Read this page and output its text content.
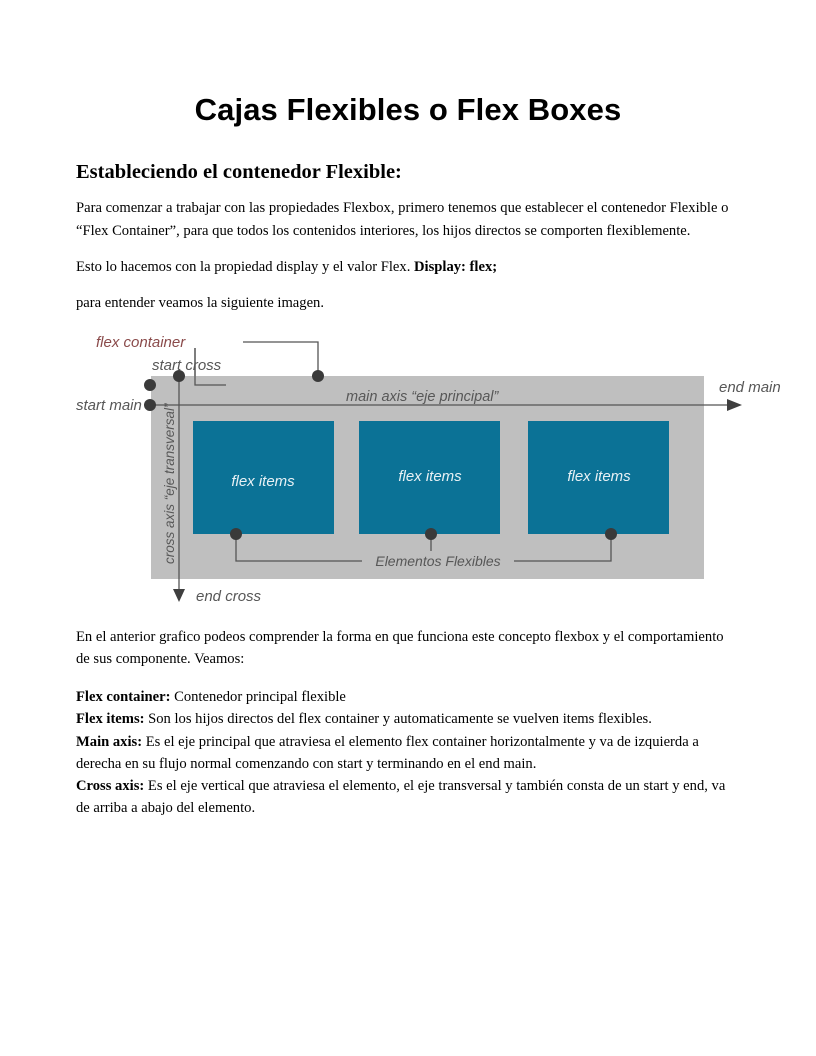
Cajas Flexibles o Flex Boxes
Estableciendo el contenedor Flexible:

Para comenzar a trabajar con las propiedades Flexbox, primero tenemos que establecer el contenedor Flexible o “Flex Container”, para que todos los contenidos interiores, los hijos directos se comporten flexiblemente.

Esto lo hacemos con la propiedad display y el valor Flex. Display: flex;

para entender veamos la siguiente imagen.

flex container
start cross
start main
end main
end cross
main axis “eje principal”
cross axis “eje transversal”	Elementos Flexibles
flex items	flex items	flex items

En el anterior grafico podeos comprender la forma en que funciona este concepto flexbox y el comportamiento de sus componente. Veamos:

Flex container: Contenedor principal flexible
Flex items: Son los hijos directos del flex container y automaticamente se vuelven items flexibles.
Main axis: Es el eje principal que atraviesa el elemento flex container horizontalmente y va de izquierda a derecha en su flujo normal comenzando con start y terminando en el end main.
Cross axis: Es el eje vertical que atraviesa el elemento, el eje transversal y también consta de un start y end, va de arriba a abajo del elemento.
